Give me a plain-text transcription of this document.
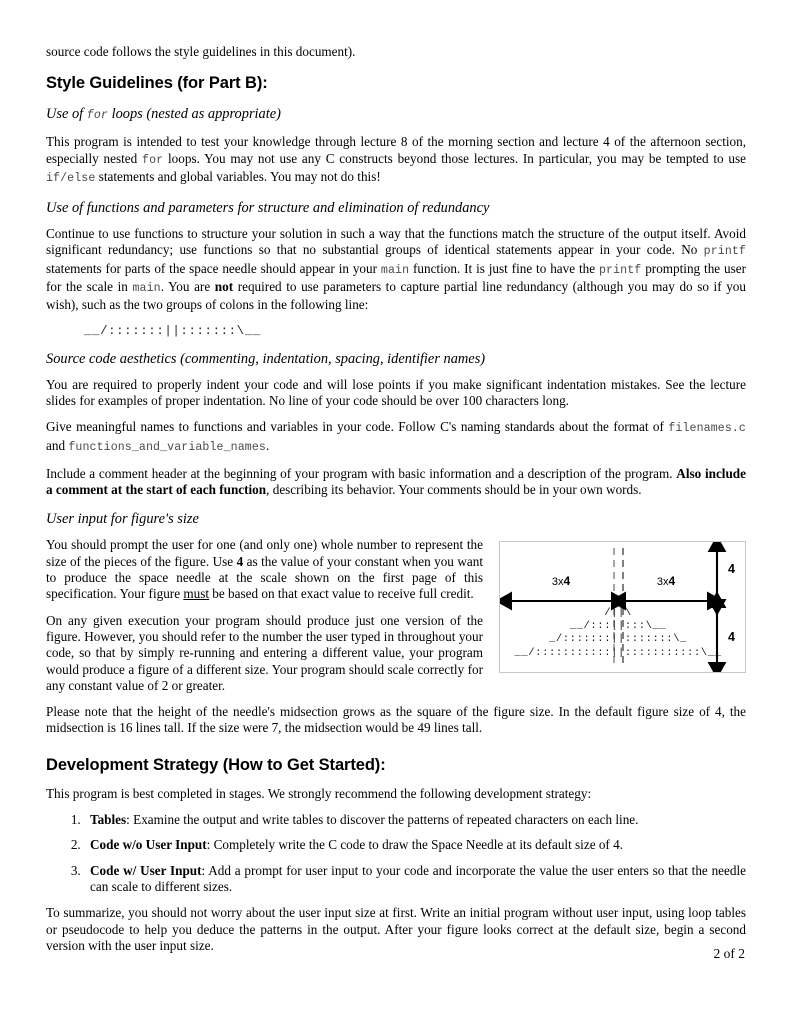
source code follows the style guidelines in this document).

Style Guidelines (for Part B):
Use of for loops (nested as appropriate)

This program is intended to test your knowledge through lecture 8 of the morning section and lecture 4 of the afternoon section, especially nested for loops. You may not use any C constructs beyond those lectures. In particular, you may be tempted to use if/else statements and global variables. You may not do this!

Use of functions and parameters for structure and elimination of redundancy

Continue to use functions to structure your solution in such a way that the functions match the structure of the output itself. Avoid significant redundancy; use functions so that no substantial groups of identical statements appear in your code. No printf statements for parts of the space needle should appear in your main function. It is just fine to have the printf prompting the user for the scale in main. You are not required to use parameters to capture partial line redundancy (although you may do so if you wish), such as the two groups of colons in the following line:

__/:::::::||:::::::\__
Source code aesthetics (commenting, indentation, spacing, identifier names)

You are required to properly indent your code and will lose points if you make significant indentation mistakes. See the lecture slides for examples of proper indentation. No line of your code should be over 100 characters long.

Give meaningful names to functions and variables in your code. Follow C's naming standards about the format of filenames.c and functions_and_variable_names.

Include a comment header at the beginning of your program with basic information and a description of the program. Also include a comment at the start of each function, describing its behavior. Your comments should be in your own words.

User input for figure's size
3x4	3x4
4
4
/||\
__/:::||:::\__
_/:::::::||:::::::\_
__/:::::::::::||:::::::::::\__

You should prompt the user for one (and only one) whole number to represent the size of the pieces of the figure. Use 4 as the value of your constant when you want to produce the space needle at the scale shown on the first page of this specification. Your figure must be based on that exact value to receive full credit.

On any given execution your program should produce just one version of the figure. However, you should refer to the number the user typed in throughout your code, so that by simply re-running and entering a different value, your program would produce a figure of a different size. Your program should scale correctly for any constant value of 2 or greater.

Please note that the height of the needle's midsection grows as the square of the figure size. In the default figure size of 4, the midsection is 16 lines tall. If the size were 7, the midsection would be 49 lines tall.

Development Strategy (How to Get Started):

This program is best completed in stages. We strongly recommend the following development strategy:

1. Tables: Examine the output and write tables to discover the patterns of repeated characters on each line.
2. Code w/o User Input: Completely write the C code to draw the Space Needle at its default size of 4.
3. Code w/ User Input: Add a prompt for user input to your code and incorporate the value the user enters so that the needle can scale to different sizes.

To summarize, you should not worry about the user input size at first. Write an initial program without user input, using loop tables or pseudocode to help you deduce the patterns in the output. After your figure looks correct at the default size, begin a second version with the user input size.

2 of 2
